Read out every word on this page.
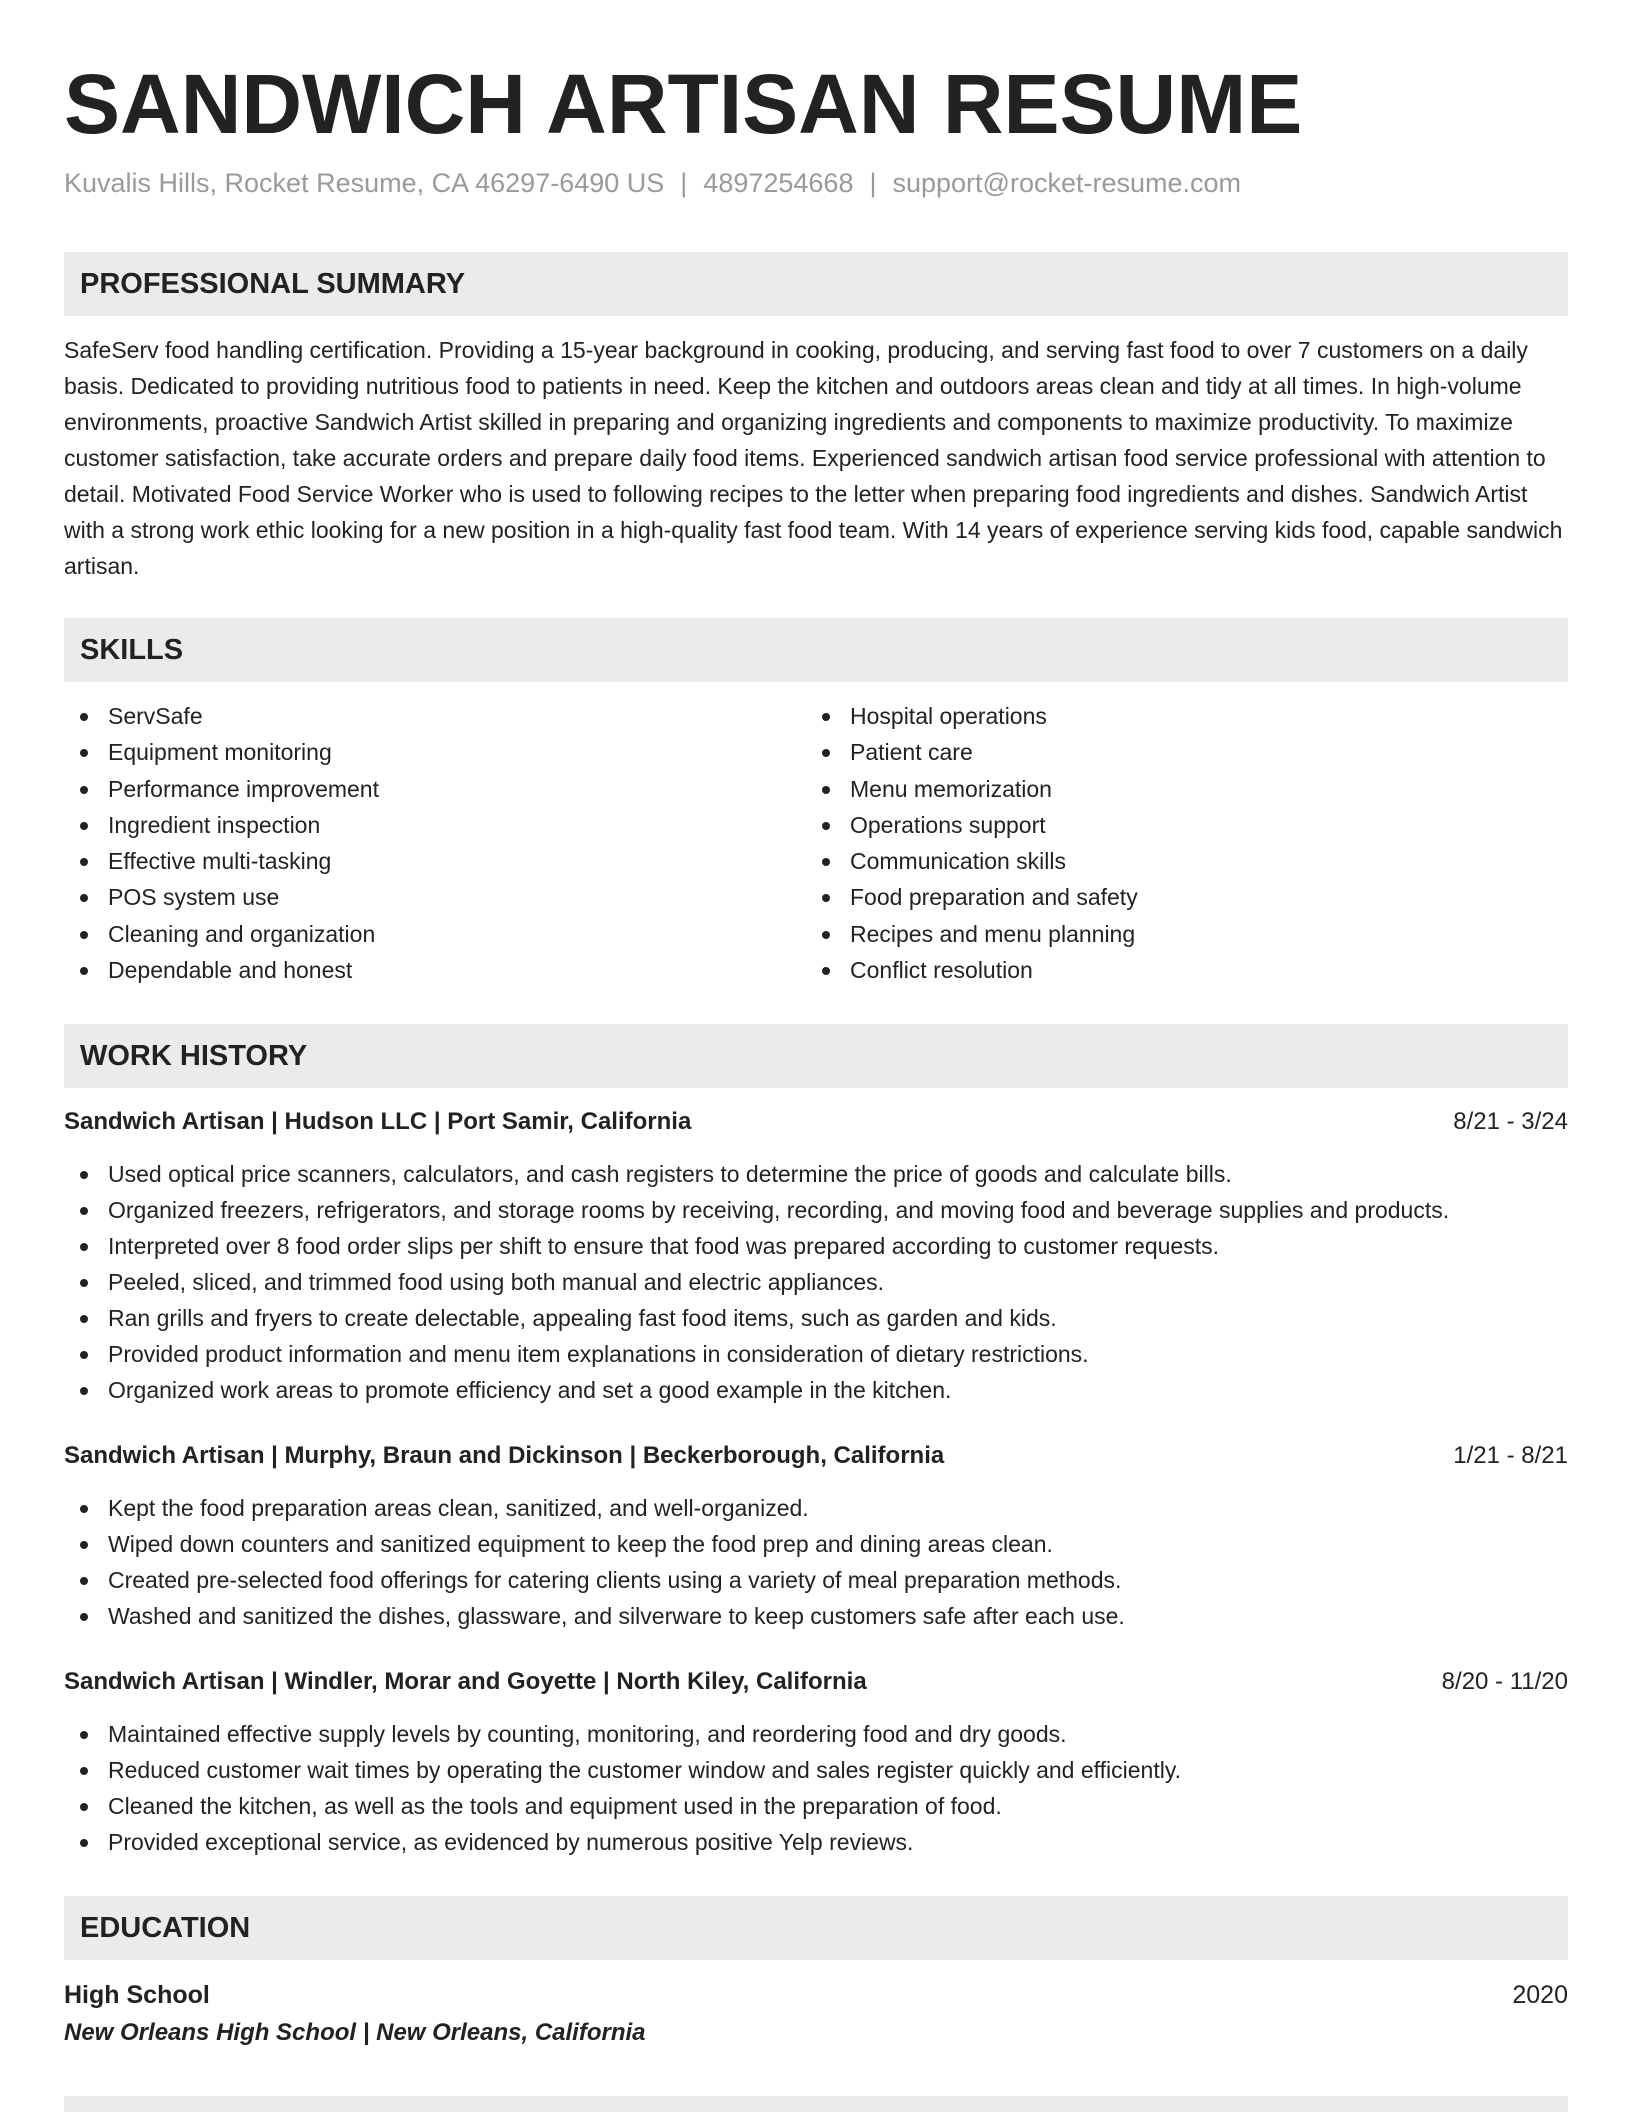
SANDWICH ARTISAN RESUME
Kuvalis Hills, Rocket Resume, CA 46297-6490 US | 4897254668 | support@rocket-resume.com
PROFESSIONAL SUMMARY
SafeServ food handling certification. Providing a 15-year background in cooking, producing, and serving fast food to over 7 customers on a daily basis. Dedicated to providing nutritious food to patients in need. Keep the kitchen and outdoors areas clean and tidy at all times. In high-volume environments, proactive Sandwich Artist skilled in preparing and organizing ingredients and components to maximize productivity. To maximize customer satisfaction, take accurate orders and prepare daily food items. Experienced sandwich artisan food service professional with attention to detail. Motivated Food Service Worker who is used to following recipes to the letter when preparing food ingredients and dishes. Sandwich Artist with a strong work ethic looking for a new position in a high-quality fast food team. With 14 years of experience serving kids food, capable sandwich artisan.
SKILLS
ServSafe
Equipment monitoring
Performance improvement
Ingredient inspection
Effective multi-tasking
POS system use
Cleaning and organization
Dependable and honest
Hospital operations
Patient care
Menu memorization
Operations support
Communication skills
Food preparation and safety
Recipes and menu planning
Conflict resolution
WORK HISTORY
Sandwich Artisan | Hudson LLC | Port Samir, California	8/21 - 3/24
Used optical price scanners, calculators, and cash registers to determine the price of goods and calculate bills.
Organized freezers, refrigerators, and storage rooms by receiving, recording, and moving food and beverage supplies and products.
Interpreted over 8 food order slips per shift to ensure that food was prepared according to customer requests.
Peeled, sliced, and trimmed food using both manual and electric appliances.
Ran grills and fryers to create delectable, appealing fast food items, such as garden and kids.
Provided product information and menu item explanations in consideration of dietary restrictions.
Organized work areas to promote efficiency and set a good example in the kitchen.
Sandwich Artisan | Murphy, Braun and Dickinson | Beckerborough, California	1/21 - 8/21
Kept the food preparation areas clean, sanitized, and well-organized.
Wiped down counters and sanitized equipment to keep the food prep and dining areas clean.
Created pre-selected food offerings for catering clients using a variety of meal preparation methods.
Washed and sanitized the dishes, glassware, and silverware to keep customers safe after each use.
Sandwich Artisan | Windler, Morar and Goyette | North Kiley, California	8/20 - 11/20
Maintained effective supply levels by counting, monitoring, and reordering food and dry goods.
Reduced customer wait times by operating the customer window and sales register quickly and efficiently.
Cleaned the kitchen, as well as the tools and equipment used in the preparation of food.
Provided exceptional service, as evidenced by numerous positive Yelp reviews.
EDUCATION
High School	2020
New Orleans High School | New Orleans, California
